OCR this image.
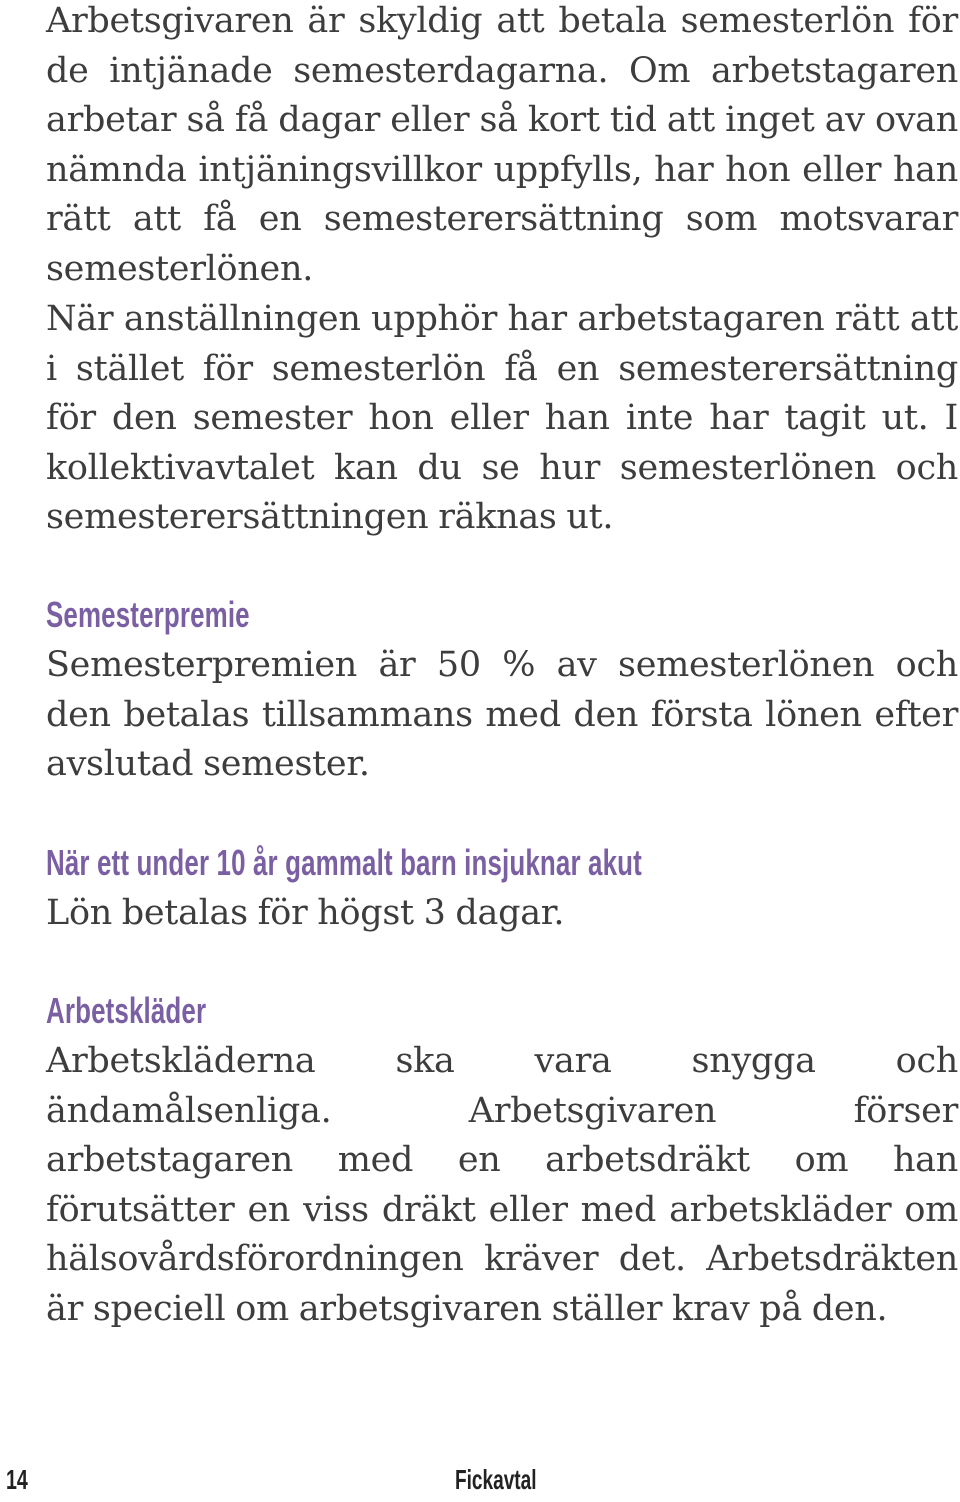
Arbetsgivaren är skyldig att betala semesterlön för de intjänade semesterdagarna. Om arbetstagaren arbetar så få dagar eller så kort tid att inget av ovan nämnda intjäningsvillkor uppfylls, har hon eller han rätt att få en semesterersättning som motsvarar semesterlönen.

När anställningen upphör har arbetstagaren rätt att i stället för semesterlön få en semesterersättning för den semester hon eller han inte har tagit ut. I kollektivavtalet kan du se hur semesterlönen och semesterersättningen räknas ut.

Semesterpremie

Semesterpremien är 50 % av semesterlönen och den betalas tillsammans med den första lönen efter avslutad semester.

När ett under 10 år gammalt barn insjuknar akut

Lön betalas för högst 3 dagar.

Arbetskläder

Arbetskläderna ska vara snygga och ändamålsenliga. Arbetsgivaren förser arbetstagaren med en arbetsdräkt om han förutsätter en viss dräkt eller med arbetskläder om hälsovårdsförordningen kräver det. Arbetsdräkten är speciell om arbetsgivaren ställer krav på den.

14	Fickavtal
